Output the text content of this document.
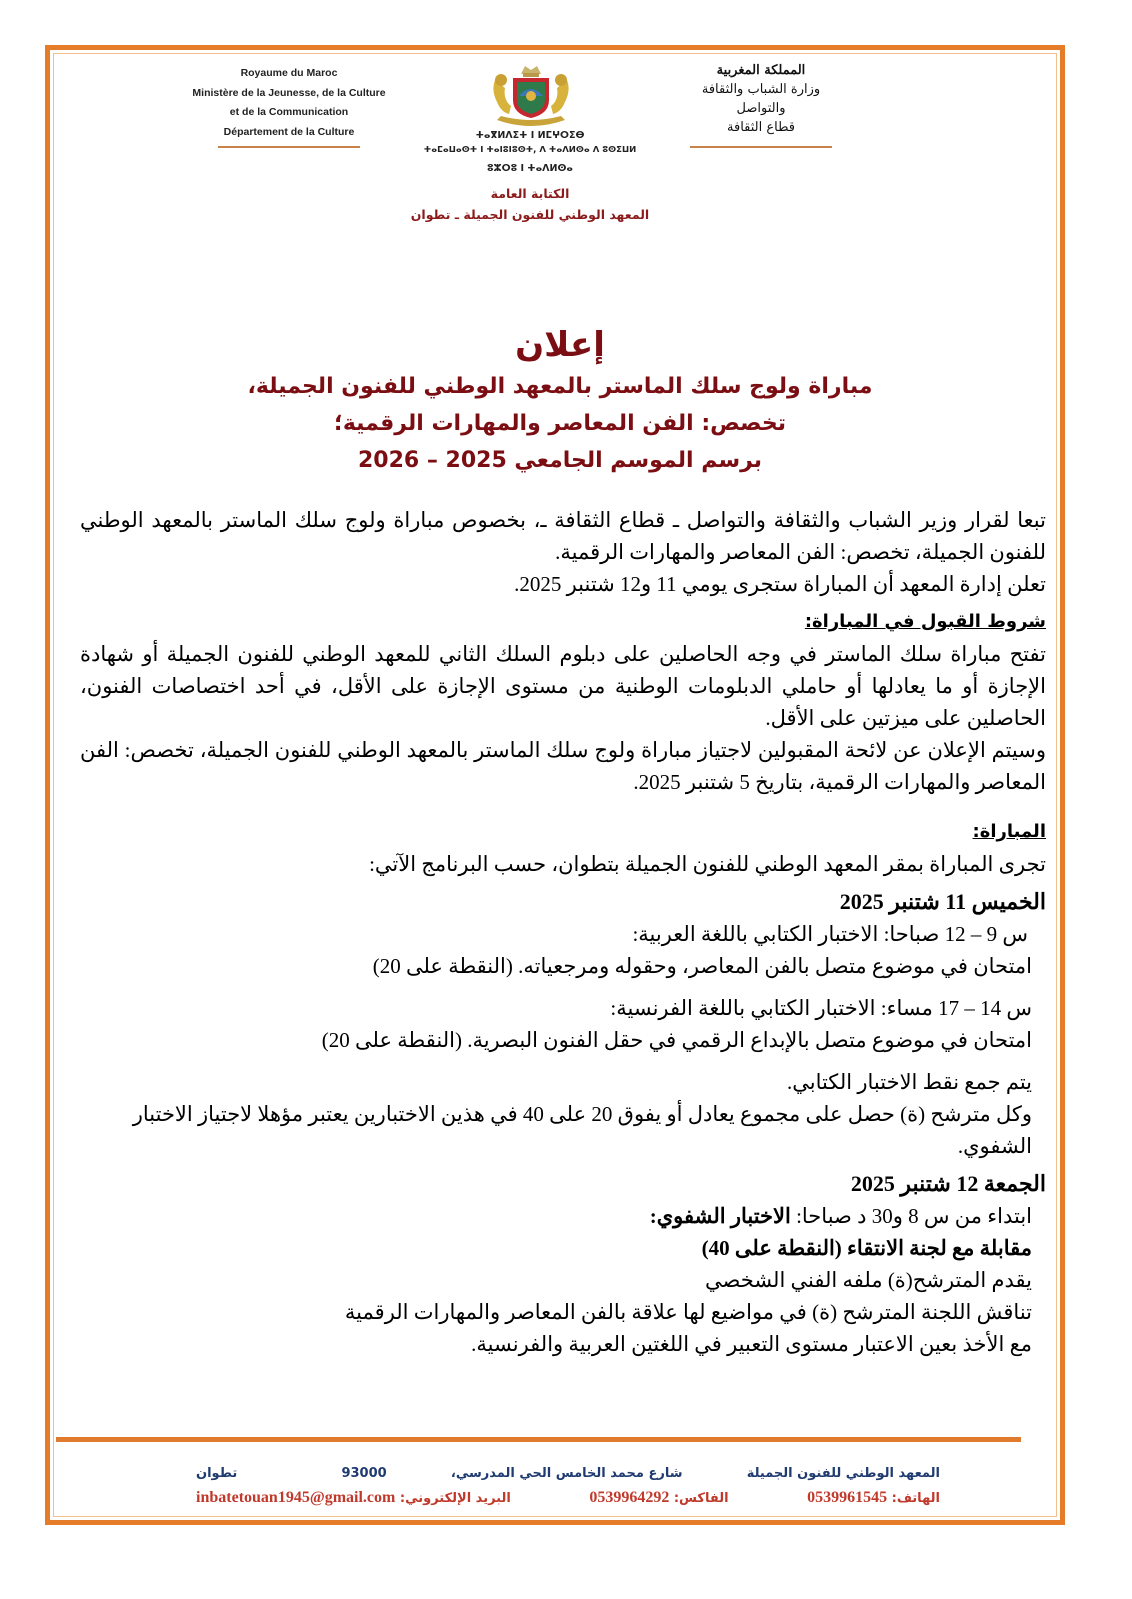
Royaume du Maroc
Ministère de la Jeunesse, de la Culture
et de la Communication
Département de la Culture
المملكة المغربية
وزارة الشباب والثقافة
والتواصل
قطاع الثقافة
ⵜⴰⴳⵍⴷⵉⵜ ⵏ ⵍⵎⵖⵔⵉⴱ
ⵜⴰⵎⴰⵡⴰⵙⵜ ⵏ ⵜⴰⵏⵓⵏⵓⵙⵜ, ⴷ ⵜⴰⴷⵍⵙⴰ ⴷ ⵓⵙⵉⵡⵍ
ⵓⵣⵔⵓ ⵏ ⵜⴰⴷⵍⵙⴰ
الكتابة العامة
المعهد الوطني للفنون الجميلة ـ تطوان
إعلان
مباراة ولوج سلك الماستر بالمعهد الوطني للفنون الجميلة،
تخصص: الفن المعاصر والمهارات الرقمية؛
برسم الموسم الجامعي 2025 – 2026

تبعا لقرار وزير الشباب والثقافة والتواصل ـ قطاع الثقافة ـ، بخصوص مباراة ولوج سلك الماستر بالمعهد الوطني للفنون الجميلة، تخصص: الفن المعاصر والمهارات الرقمية.

تعلن إدارة المعهد أن المباراة ستجرى يومي 11 و12 شتنبر 2025.

شروط القبول في المباراة:

تفتح مباراة سلك الماستر في وجه الحاصلين على دبلوم السلك الثاني للمعهد الوطني للفنون الجميلة أو شهادة الإجازة أو ما يعادلها أو حاملي الدبلومات الوطنية من مستوى الإجازة على الأقل، في أحد اختصاصات الفنون، الحاصلين على ميزتين على الأقل.

وسيتم الإعلان عن لائحة المقبولين لاجتياز مباراة ولوج سلك الماستر بالمعهد الوطني للفنون الجميلة، تخصص: الفن المعاصر والمهارات الرقمية، بتاريخ 5 شتنبر 2025.

المباراة:

تجرى المباراة بمقر المعهد الوطني للفنون الجميلة بتطوان، حسب البرنامج الآتي:

الخميس 11 شتنبر 2025

س 9 – 12 صباحا: الاختبار الكتابي باللغة العربية:

امتحان في موضوع متصل بالفن المعاصر، وحقوله ومرجعياته. (النقطة على 20)

س 14 – 17 مساء: الاختبار الكتابي باللغة الفرنسية:

امتحان في موضوع متصل بالإبداع الرقمي في حقل الفنون البصرية. (النقطة على 20)

يتم جمع نقط الاختبار الكتابي.

وكل مترشح (ة) حصل على مجموع يعادل أو يفوق 20 على 40 في هذين الاختبارين يعتبر مؤهلا لاجتياز الاختبار الشفوي.

الجمعة 12 شتنبر 2025

ابتداء من س 8 و30 د صباحا: الاختبار الشفوي:

مقابلة مع لجنة الانتقاء (النقطة على 40)

يقدم المترشح(ة) ملفه الفني الشخصي

تناقش اللجنة المترشح (ة) في مواضيع لها علاقة بالفن المعاصر والمهارات الرقمية

مع الأخذ بعين الاعتبار مستوى التعبير في اللغتين العربية والفرنسية.

المعهد الوطني للفنون الجميلة
شارع محمد الخامس الحي المدرسي،
93000
تطوان
الهاتف: 0539961545
الفاكس: 0539964292
البريد الإلكتروني: inbatetouan1945@gmail.com
